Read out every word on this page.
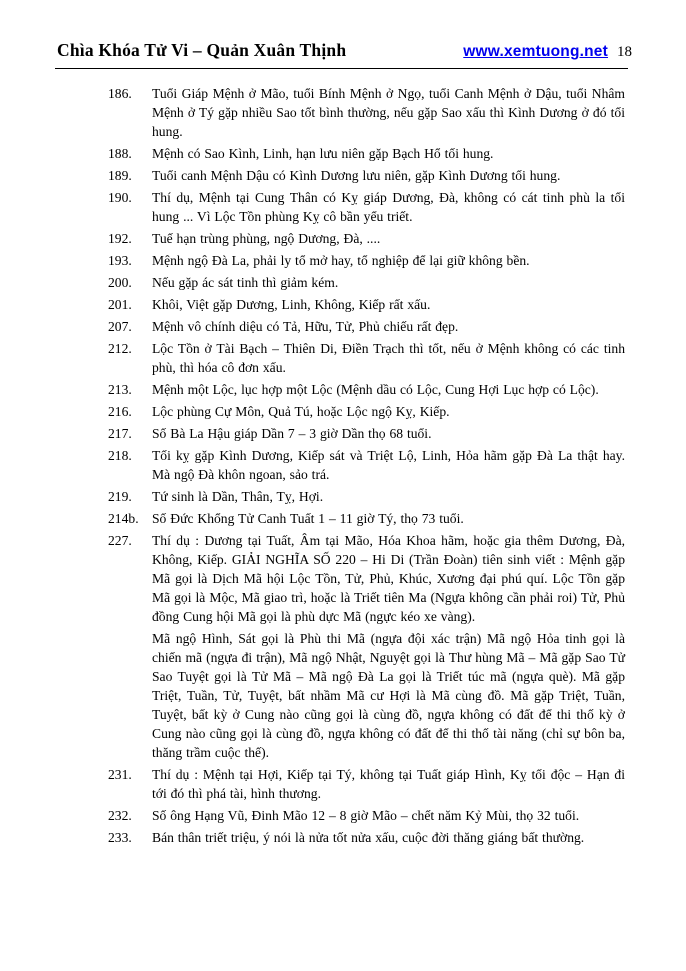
Chìa Khóa Tử Vi – Quản Xuân Thịnh	www.xemtuong.net 18
186.	Tuổi Giáp Mệnh ở Mão, tuổi Bính Mệnh ở Ngọ, tuổi Canh Mệnh ở Dậu, tuổi Nhâm Mệnh ở Tý gặp nhiều Sao tốt bình thường, nếu gặp Sao xấu thì Kình Dương ở đó tối hung.
188.	Mệnh có Sao Kình, Linh, hạn lưu niên gặp Bạch Hổ tối hung.
189.	Tuổi canh Mệnh Dậu có Kình Dương lưu niên, gặp Kình Dương tối hung.
190.	Thí dụ, Mệnh tại Cung Thân có Kỵ giáp Dương, Đà, không có cát tinh phù la tối hung ... Vì Lộc Tồn phùng Kỵ cô bần yểu triết.
192.	Tuế hạn trùng phùng, ngộ Dương, Đà, ....
193.	Mệnh ngộ Đà La, phải ly tổ mở hay, tổ nghiệp để lại giữ không bền.
200.	Nếu gặp ác sát tinh thì giảm kém.
201.	Khôi, Việt gặp Dương, Linh, Không, Kiếp rất xấu.
207.	Mệnh vô chính diệu có Tả, Hữu, Tử, Phủ chiếu rất đẹp.
212.	Lộc Tồn ở Tài Bạch – Thiên Di, Điền Trạch thì tốt, nếu ở Mệnh không có các tinh phù, thì hóa cô đơn xấu.
213.	Mệnh một Lộc, lục hợp một Lộc (Mệnh dầu có Lộc, Cung Hợi Lục hợp có Lộc).
216.	Lộc phùng Cự Môn, Quả Tú, hoặc Lộc ngộ Kỵ, Kiếp.
217.	Số Bà La Hậu giáp Dần 7 – 3 giờ Dần thọ 68 tuổi.
218.	Tối kỵ gặp Kình Dương, Kiếp sát và Triệt Lộ, Linh, Hỏa hãm gặp Đà La thật hay. Mà ngộ Đà khôn ngoan, sảo trá.
219.	Tứ sinh là Dần, Thân, Tỵ, Hợi.
214b. Số Đức Khổng Tử Canh Tuất 1 – 11 giờ Tý, thọ 73 tuổi.
227.	Thí dụ : Dương tại Tuất, Âm tại Mão, Hóa Khoa hãm, hoặc gia thêm Dương, Đà, Không, Kiếp. GIẢI NGHĨA SỐ 220 – Hi Di (Trần Đoàn) tiên sinh viết : Mệnh gặp Mã gọi là Dịch Mã hội Lộc Tồn, Tử, Phủ, Khúc, Xương đại phú quí. Lộc Tồn gặp Mã gọi là Mộc, Mã giao trì, hoặc là Triết tiên Ma (Ngựa không cần phải roi) Tử, Phủ đồng Cung hội Mã gọi là phù dực Mã (ngực kéo xe vàng).
Mã ngộ Hình, Sát gọi là Phù thi Mã (ngựa đội xác trận) Mã ngộ Hỏa tinh gọi là chiến mã (ngựa đi trận), Mã ngộ Nhật, Nguyệt gọi là Thư hùng Mã – Mã gặp Sao Tử Sao Tuyệt gọi là Tử Mã – Mã ngộ Đà La gọi là Triết túc mã (ngựa què). Mã gặp Triệt, Tuần, Tử, Tuyệt, bất nhầm Mã cư Hợi là Mã cùng đồ. Mã gặp Triệt, Tuần, Tuyệt, bất kỳ ở Cung nào cũng gọi là cùng đồ, ngựa không có đất để thi thố kỳ ở Cung nào cũng gọi là cùng đồ, ngựa không có đất để thi thố tài năng (chỉ sự bôn ba, thăng trầm cuộc thế).
231.	Thí dụ : Mệnh tại Hợi, Kiếp tại Tý, không tại Tuất giáp Hình, Kỵ tối độc – Hạn đi tới đó thì phá tài, hình thương.
232.	Số ông Hạng Vũ, Đinh Mão 12 – 8 giờ Mão – chết năm Kỷ Mùi, thọ 32 tuổi.
233.	Bán thân triết triệu, ý nói là nửa tốt nửa xấu, cuộc đời thăng giáng bất thường.
